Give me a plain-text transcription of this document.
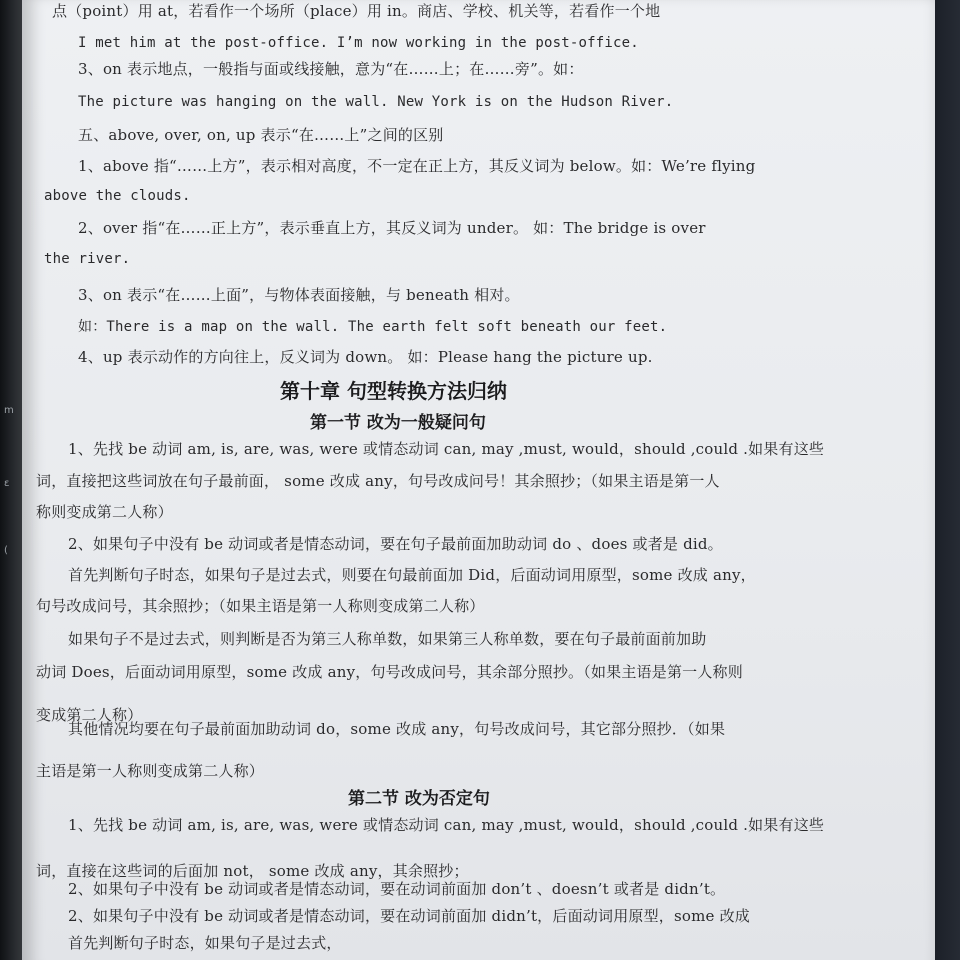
m
ɛ
(
点（point）用 at，若看作一个场所（place）用 in。商店、学校、机关等，若看作一个地
I met him at the post-office. I’m now working in the post-office.
3、on 表示地点，一般指与面或线接触，意为“在……上；在……旁”。如：
The picture was hanging on the wall. New York is on the Hudson River.
五、above, over, on, up 表示“在……上”之间的区别
1、above 指“……上方”，表示相对高度，不一定在正上方，其反义词为 below。如：We’re flying
above the clouds.
2、over 指“在……正上方”，表示垂直上方，其反义词为 under。 如：The bridge is over
the river.
3、on 表示“在……上面”，与物体表面接触，与 beneath 相对。
如：There is a map on the wall. The earth felt soft beneath our feet.
4、up 表示动作的方向往上，反义词为 down。 如：Please hang the picture up.
第十章 句型转换方法归纳
第一节 改为一般疑问句
1、先找 be 动词 am, is, are, was, were 或情态动词 can, may ,must, would，should ,could .如果有这些
词，直接把这些词放在句子最前面， some 改成 any，句号改成问号！其余照抄；（如果主语是第一人
称则变成第二人称）
2、如果句子中没有 be 动词或者是情态动词，要在句子最前面加助动词 do 、does 或者是 did。
首先判断句子时态，如果句子是过去式，则要在句最前面加 Did，后面动词用原型，some 改成 any，
句号改成问号，其余照抄；（如果主语是第一人称则变成第二人称）
如果句子不是过去式，则判断是否为第三人称单数，如果第三人称单数，要在句子最前面前加助
动词 Does，后面动词用原型，some 改成 any，句号改成问号，其余部分照抄。（如果主语是第一人称则
变成第二人称）
其他情况均要在句子最前面加助动词 do，some 改成 any，句号改成问号，其它部分照抄．（如果
主语是第一人称则变成第二人称）
第二节 改为否定句
1、先找 be 动词 am, is, are, was, were 或情态动词 can, may ,must, would，should ,could .如果有这些
词，直接在这些词的后面加 not， some 改成 any，其余照抄；
2、如果句子中没有 be 动词或者是情态动词，要在动词前面加 don’t 、doesn’t 或者是 didn’t。
2、如果句子中没有 be 动词或者是情态动词，要在动词前面加 didn’t，后面动词用原型，some 改成
首先判断句子时态，如果句子是过去式，
